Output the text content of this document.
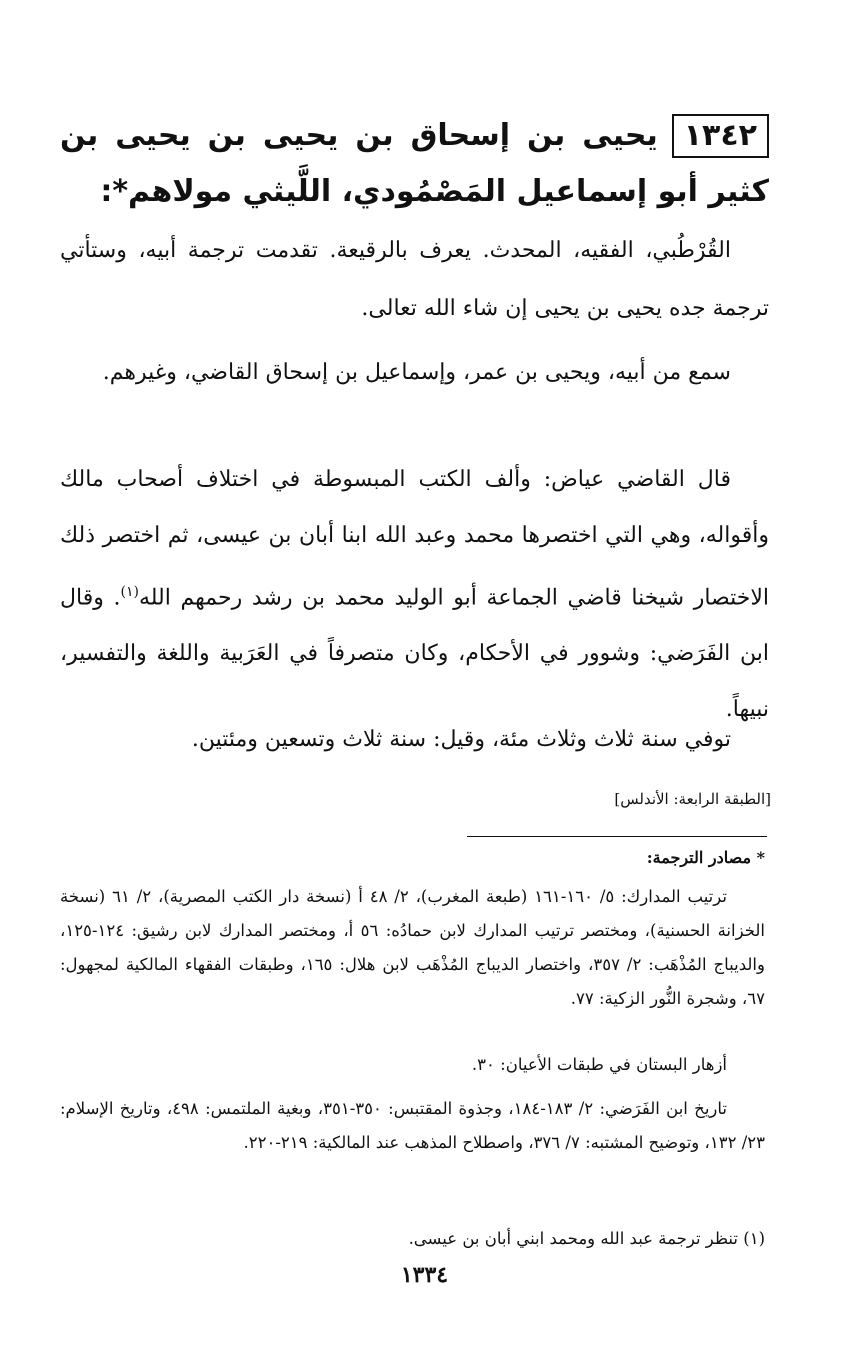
١٣٤٢يحيى بن إسحاق بن يحيى بن يحيى بن كثير أبو إسماعيل المَصْمُودي، اللَّيثي مولاهم*:
القُرْطُبي، الفقيه، المحدث. يعرف بالرقيعة. تقدمت ترجمة أبيه، وستأتي ترجمة جده يحيى بن يحيى إن شاء الله تعالى.
سمع من أبيه، ويحيى بن عمر، وإسماعيل بن إسحاق القاضي، وغيرهم.
قال القاضي عياض: وألف الكتب المبسوطة في اختلاف أصحاب مالك وأقواله، وهي التي اختصرها محمد وعبد الله ابنا أبان بن عيسى، ثم اختصر ذلك الاختصار شيخنا قاضي الجماعة أبو الوليد محمد بن رشد رحمهم الله$^{(١)}$. وقال ابن الفَرَضي: وشوور في الأحكام، وكان متصرفاً في العَرَبية واللغة والتفسير، نبيهاً.
توفي سنة ثلاث وثلاث مئة، وقيل: سنة ثلاث وتسعين ومئتين.
[الطبقة الرابعة: الأندلس]
* مصادر الترجمة:
ترتيب المدارك: ٥/ ١٦٠-١٦١ (طبعة المغرب)، ٢/ ٤٨ أ (نسخة دار الكتب المصرية)، ٢/ ٦١ (نسخة الخزانة الحسنية)، ومختصر ترتيب المدارك لابن حمادُه: ٥٦ أ، ومختصر المدارك لابن رشيق: ١٢٤-١٢٥، والديباج المُذْهَب: ٢/ ٣٥٧، واختصار الديباج المُذْهَب لابن هلال: ١٦٥، وطبقات الفقهاء المالكية لمجهول: ٦٧، وشجرة النُّور الزكية: ٧٧.
أزهار البستان في طبقات الأعيان: ٣٠.
تاريخ ابن الفَرَضي: ٢/ ١٨٣-١٨٤، وجذوة المقتبس: ٣٥٠-٣٥١، وبغية الملتمس: ٤٩٨، وتاريخ الإسلام: ٢٣/ ١٣٢، وتوضيح المشتبه: ٧/ ٣٧٦، واصطلاح المذهب عند المالكية: ٢١٩-٢٢٠.
(١) تنظر ترجمة عبد الله ومحمد ابني أبان بن عيسى.
١٣٣٤
